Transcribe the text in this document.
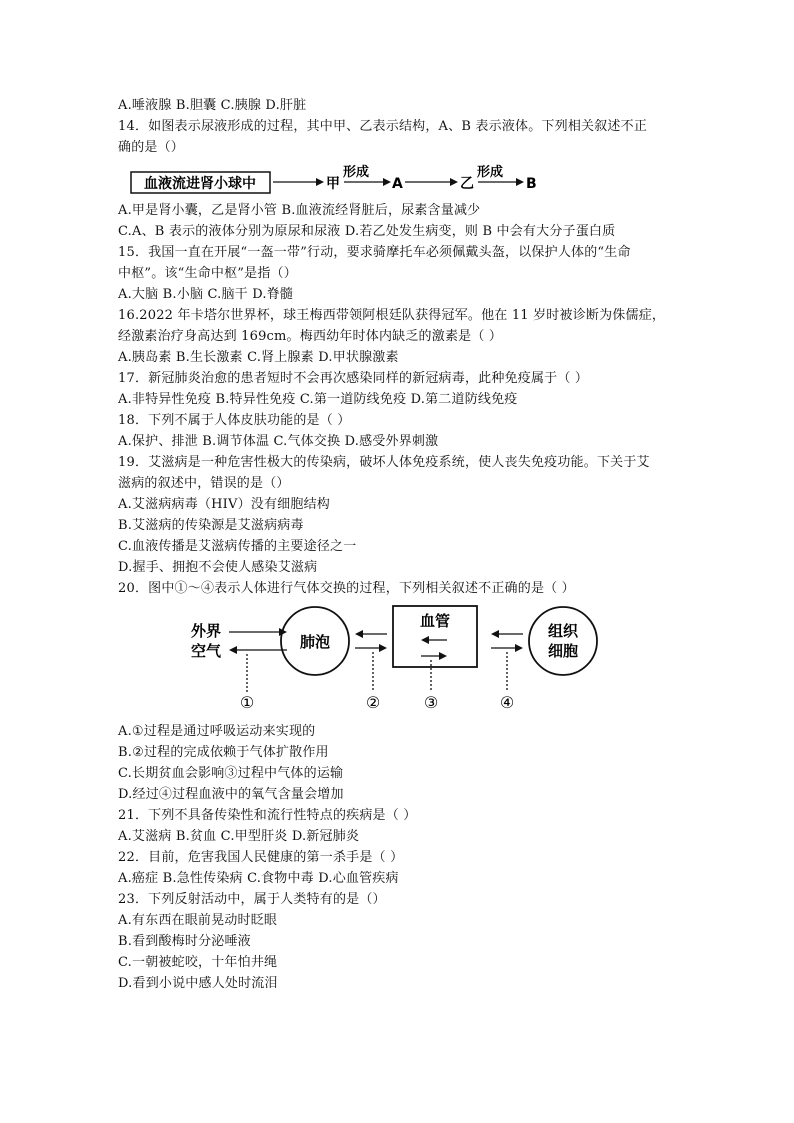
A.唾液腺 B.胆囊 C.胰腺 D.肝脏
14．如图表示尿液形成的过程，其中甲、乙表示结构，A、B 表示液体。下列相关叙述不正
确的是（）
血液流进肾小球中	甲
形成
A	乙
形成
B
A.甲是肾小囊，乙是肾小管 B.血液流经肾脏后，尿素含量减少
C.A、B 表示的液体分别为原尿和尿液 D.若乙处发生病变，则 B 中会有大分子蛋白质
15．我国一直在开展“一盔一带”行动，要求骑摩托车必须佩戴头盔，以保护人体的“生命
中枢”。该“生命中枢”是指（）
A.大脑 B.小脑 C.脑干 D.脊髓
16.2022 年卡塔尔世界杯，球王梅西带领阿根廷队获得冠军。他在 11 岁时被诊断为侏儒症，
经激素治疗身高达到 169cm。梅西幼年时体内缺乏的激素是（ ）
A.胰岛素 B.生长激素 C.肾上腺素 D.甲状腺激素
17．新冠肺炎治愈的患者短时不会再次感染同样的新冠病毒，此种免疫属于（ ）
A.非特异性免疫 B.特异性免疫 C.第一道防线免疫 D.第二道防线免疫
18．下列不属于人体皮肤功能的是（ ）
A.保护、排泄 B.调节体温 C.气体交换 D.感受外界刺激
19．艾滋病是一种危害性极大的传染病，破坏人体免疫系统，使人丧失免疫功能。下关于艾
滋病的叙述中，错误的是（）
A.艾滋病病毒（HIV）没有细胞结构
B.艾滋病的传染源是艾滋病病毒
C.血液传播是艾滋病传播的主要途径之一
D.握手、拥抱不会使人感染艾滋病
20．图中①～④表示人体进行气体交换的过程，下列相关叙述不正确的是（ ）
外界
空气
①
肺泡
②
血管
③	④
组织
细胞
A.①过程是通过呼吸运动来实现的
B.②过程的完成依赖于气体扩散作用
C.长期贫血会影响③过程中气体的运输
D.经过④过程血液中的氧气含量会增加
21．下列不具备传染性和流行性特点的疾病是（ ）
A.艾滋病 B.贫血 C.甲型肝炎 D.新冠肺炎
22．目前，危害我国人民健康的第一杀手是（ ）
A.癌症 B.急性传染病 C.食物中毒 D.心血管疾病
23．下列反射活动中，属于人类特有的是（）
A.有东西在眼前晃动时眨眼
B.看到酸梅时分泌唾液
C.一朝被蛇咬，十年怕井绳
D.看到小说中感人处时流泪
